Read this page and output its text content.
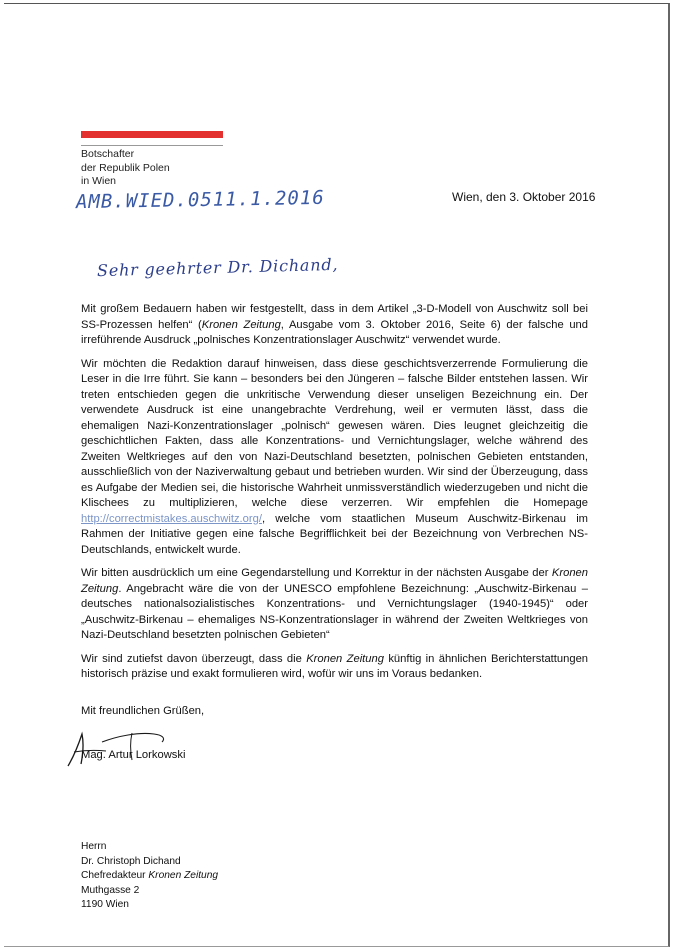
Botschafter
der Republik Polen
in Wien
AMB.WIED.0511.1.2016	Wien, den 3. Oktober 2016
Sehr geehrter Dr. Dichand,

Mit großem Bedauern haben wir festgestellt, dass in dem Artikel „3-D-Modell von Auschwitz soll bei SS-Prozessen helfen“ (Kronen Zeitung, Ausgabe vom 3. Oktober 2016, Seite 6) der falsche und irreführende Ausdruck „polnisches Konzentrationslager Auschwitz“ verwendet wurde.

Wir möchten die Redaktion darauf hinweisen, dass diese geschichtsverzerrende Formulierung die Leser in die Irre führt. Sie kann – besonders bei den Jüngeren – falsche Bilder entstehen lassen. Wir treten entschieden gegen die unkritische Verwendung dieser unseligen Bezeichnung ein. Der verwendete Ausdruck ist eine unangebrachte Verdrehung, weil er vermuten lässt, dass die ehemaligen Nazi-Konzentrationslager „polnisch“ gewesen wären. Dies leugnet gleichzeitig die geschichtlichen Fakten, dass alle Konzentrations- und Vernichtungslager, welche während des Zweiten Weltkrieges auf den von Nazi-Deutschland besetzten, polnischen Gebieten entstanden, ausschließlich von der Naziverwaltung gebaut und betrieben wurden. Wir sind der Überzeugung, dass es Aufgabe der Medien sei, die historische Wahrheit unmissverständlich wiederzugeben und nicht die Klischees zu multiplizieren, welche diese verzerren. Wir empfehlen die Homepage http://correctmistakes.auschwitz.org/, welche vom staatlichen Museum Auschwitz-Birkenau im Rahmen der Initiative gegen eine falsche Begrifflichkeit bei der Bezeichnung von Verbrechen NS-Deutschlands, entwickelt wurde.

Wir bitten ausdrücklich um eine Gegendarstellung und Korrektur in der nächsten Ausgabe der Kronen Zeitung. Angebracht wäre die von der UNESCO empfohlene Bezeichnung: „Auschwitz-Birkenau – deutsches nationalsozialistisches Konzentrations- und Vernichtungslager (1940-1945)“ oder „Auschwitz-Birkenau – ehemaliges NS-Konzentrationslager in während der Zweiten Weltkrieges von Nazi-Deutschland besetzten polnischen Gebieten“

Wir sind zutiefst davon überzeugt, dass die Kronen Zeitung künftig in ähnlichen Berichterstattungen historisch präzise und exakt formulieren wird, wofür wir uns im Voraus bedanken.

Mit freundlichen Grüßen,
Mag. Artur Lorkowski
Herrn
Dr. Christoph Dichand
Chefredakteur Kronen Zeitung
Muthgasse 2
1190 Wien
